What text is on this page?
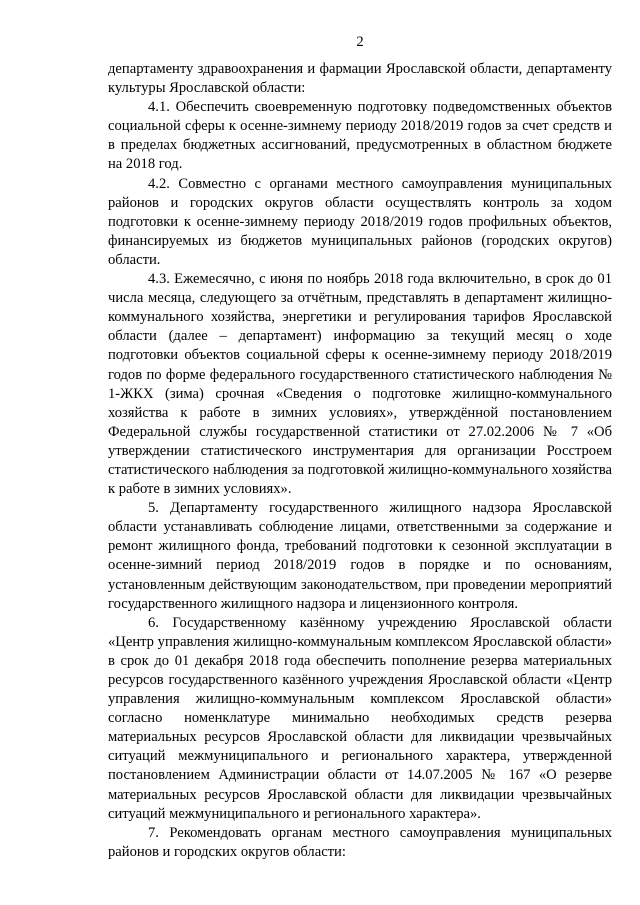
2

департаменту здравоохранения и фармации Ярославской области, департаменту культуры Ярославской области:

4.1. Обеспечить своевременную подготовку подведомственных объектов социальной сферы к осенне-зимнему периоду 2018/2019 годов за счет средств и в пределах бюджетных ассигнований, предусмотренных в областном бюджете на 2018 год.

4.2. Совместно с органами местного самоуправления муниципальных районов и городских округов области осуществлять контроль за ходом подготовки к осенне-зимнему периоду 2018/2019 годов профильных объектов, финансируемых из бюджетов муниципальных районов (городских округов) области.

4.3. Ежемесячно, с июня по ноябрь 2018 года включительно, в срок до 01 числа месяца, следующего за отчётным, представлять в департамент жилищно-коммунального хозяйства, энергетики и регулирования тарифов Ярославской области (далее – департамент) информацию за текущий месяц о ходе подготовки объектов социальной сферы к осенне-зимнему периоду 2018/2019 годов по форме федерального государственного статистического наблюдения № 1-ЖКХ (зима) срочная «Сведения о подготовке жилищно-коммунального хозяйства к работе в зимних условиях», утверждённой постановлением Федеральной службы государственной статистики от 27.02.2006 № 7 «Об утверждении статистического инструментария для организации Росстроем статистического наблюдения за подготовкой жилищно-коммунального хозяйства к работе в зимних условиях».

5. Департаменту государственного жилищного надзора Ярославской области устанавливать соблюдение лицами, ответственными за содержание и ремонт жилищного фонда, требований подготовки к сезонной эксплуатации в осенне-зимний период 2018/2019 годов в порядке и по основаниям, установленным действующим законодательством, при проведении мероприятий государственного жилищного надзора и лицензионного контроля.

6. Государственному казённому учреждению Ярославской области «Центр управления жилищно-коммунальным комплексом Ярославской области» в срок до 01 декабря 2018 года обеспечить пополнение резерва материальных ресурсов государственного казённого учреждения Ярославской области «Центр управления жилищно-коммунальным комплексом Ярославской области» согласно номенклатуре минимально необходимых средств резерва материальных ресурсов Ярославской области для ликвидации чрезвычайных ситуаций межмуниципального и регионального характера, утвержденной постановлением Администрации области от 14.07.2005 № 167 «О резерве материальных ресурсов Ярославской области для ликвидации чрезвычайных ситуаций межмуниципального и регионального характера».

7. Рекомендовать органам местного самоуправления муниципальных районов и городских округов области:
